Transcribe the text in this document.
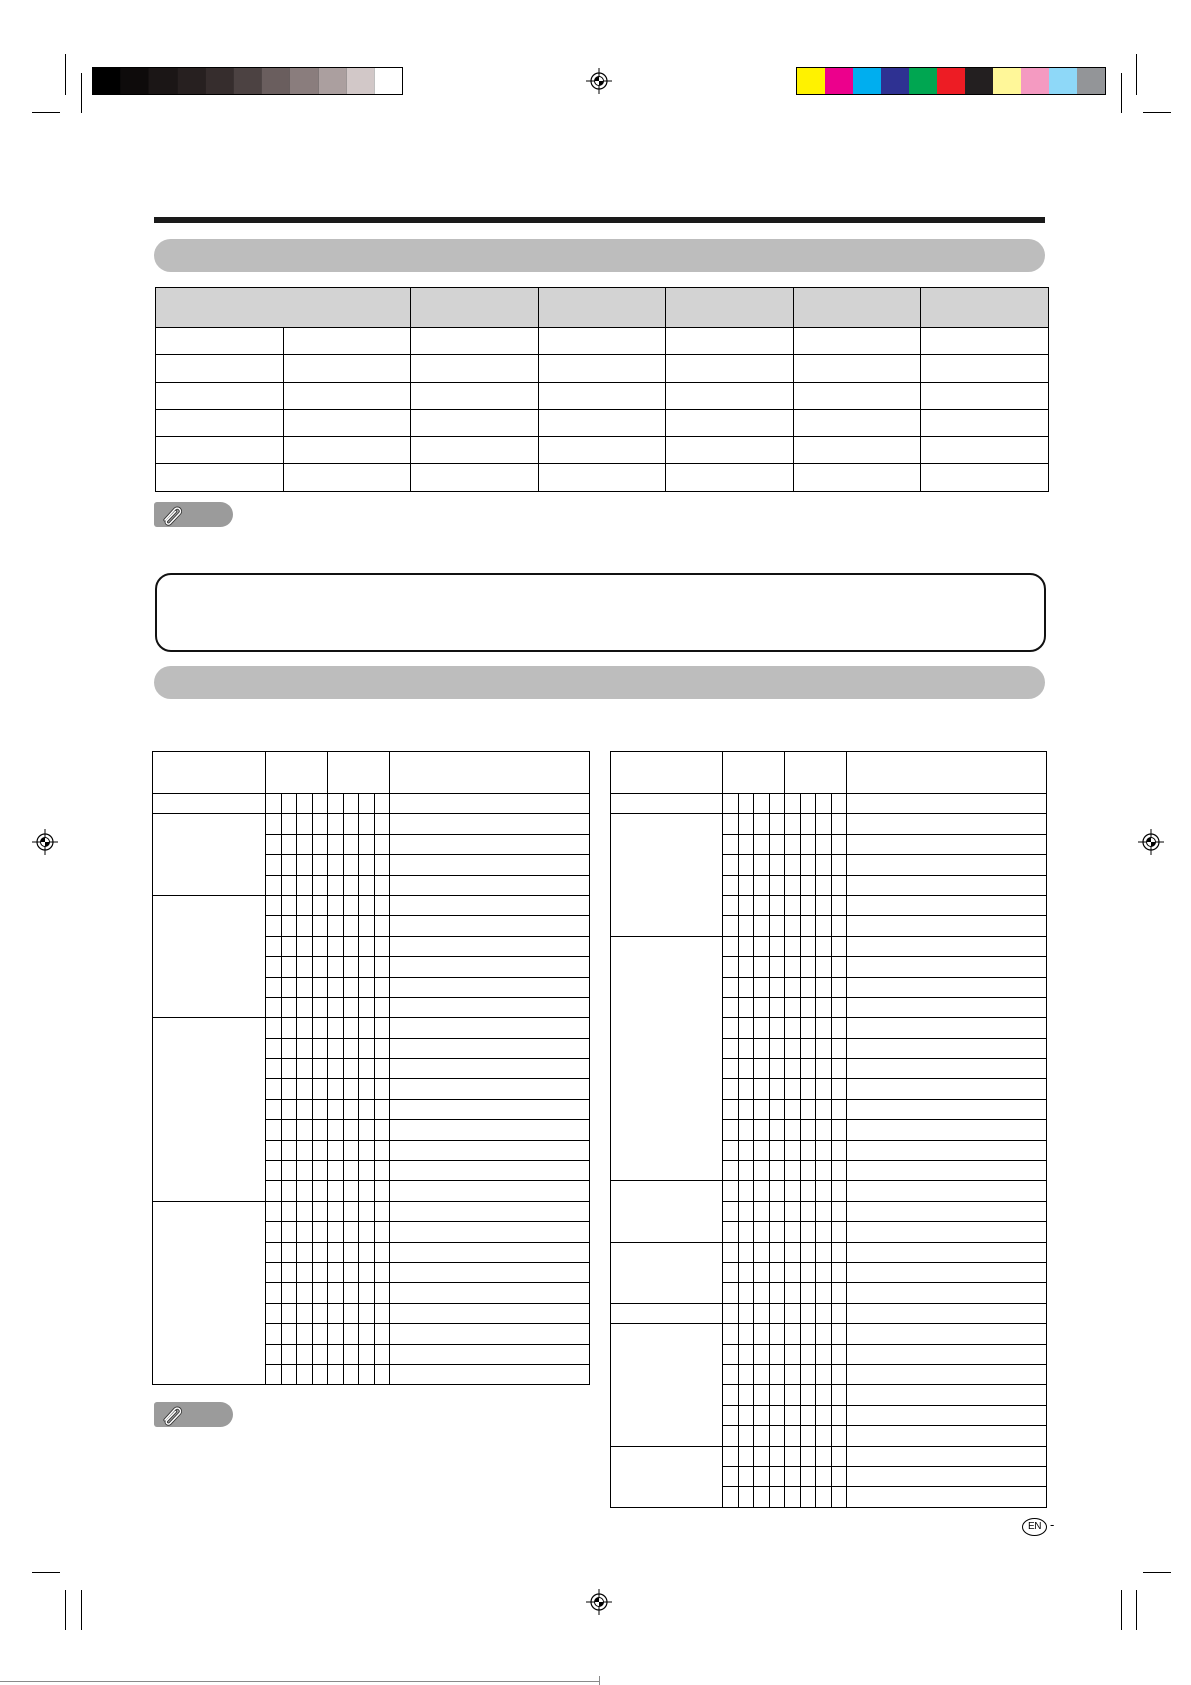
EN -
